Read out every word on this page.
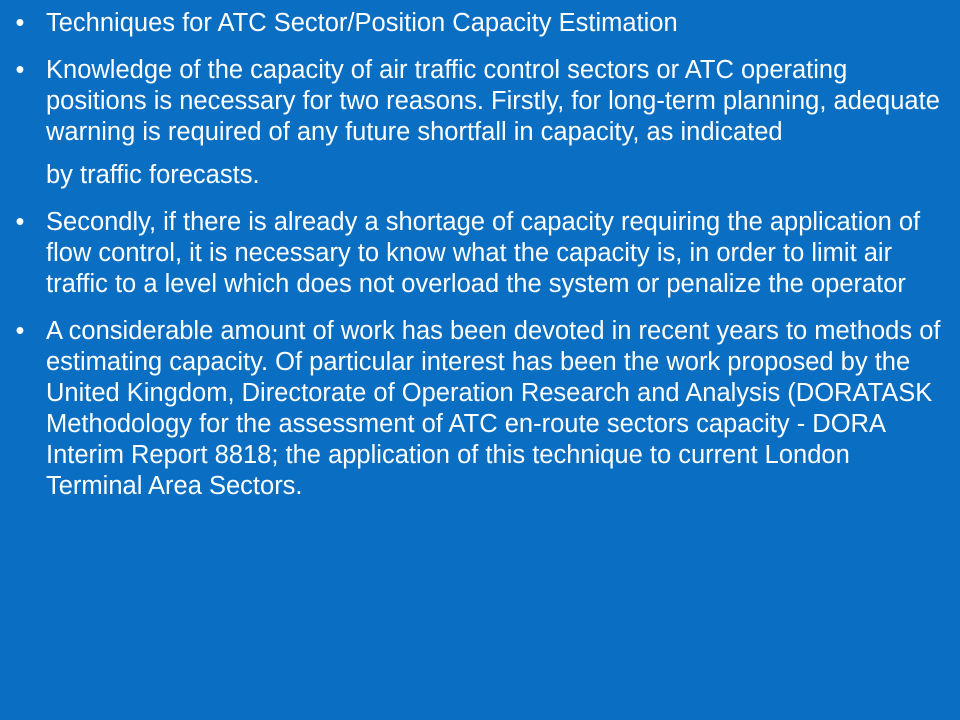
• Techniques for ATC Sector/Position Capacity Estimation
• Knowledge of the capacity of air traffic control sectors or ATC operating positions is necessary for two reasons. Firstly, for long-term planning, adequate warning is required of any future shortfall in capacity, as indicated
by traffic forecasts.
• Secondly, if there is already a shortage of capacity requiring the application of flow control, it is necessary to know what the capacity is, in order to limit air traffic to a level which does not overload the system or penalize the operator
• A considerable amount of work has been devoted in recent years to methods of estimating capacity. Of particular interest has been the work proposed by the United Kingdom, Directorate of Operation Research and Analysis (DORATASK Methodology for the assessment of ATC en-route sectors capacity - DORA Interim Report 8818; the application of this technique to current London Terminal Area Sectors.
